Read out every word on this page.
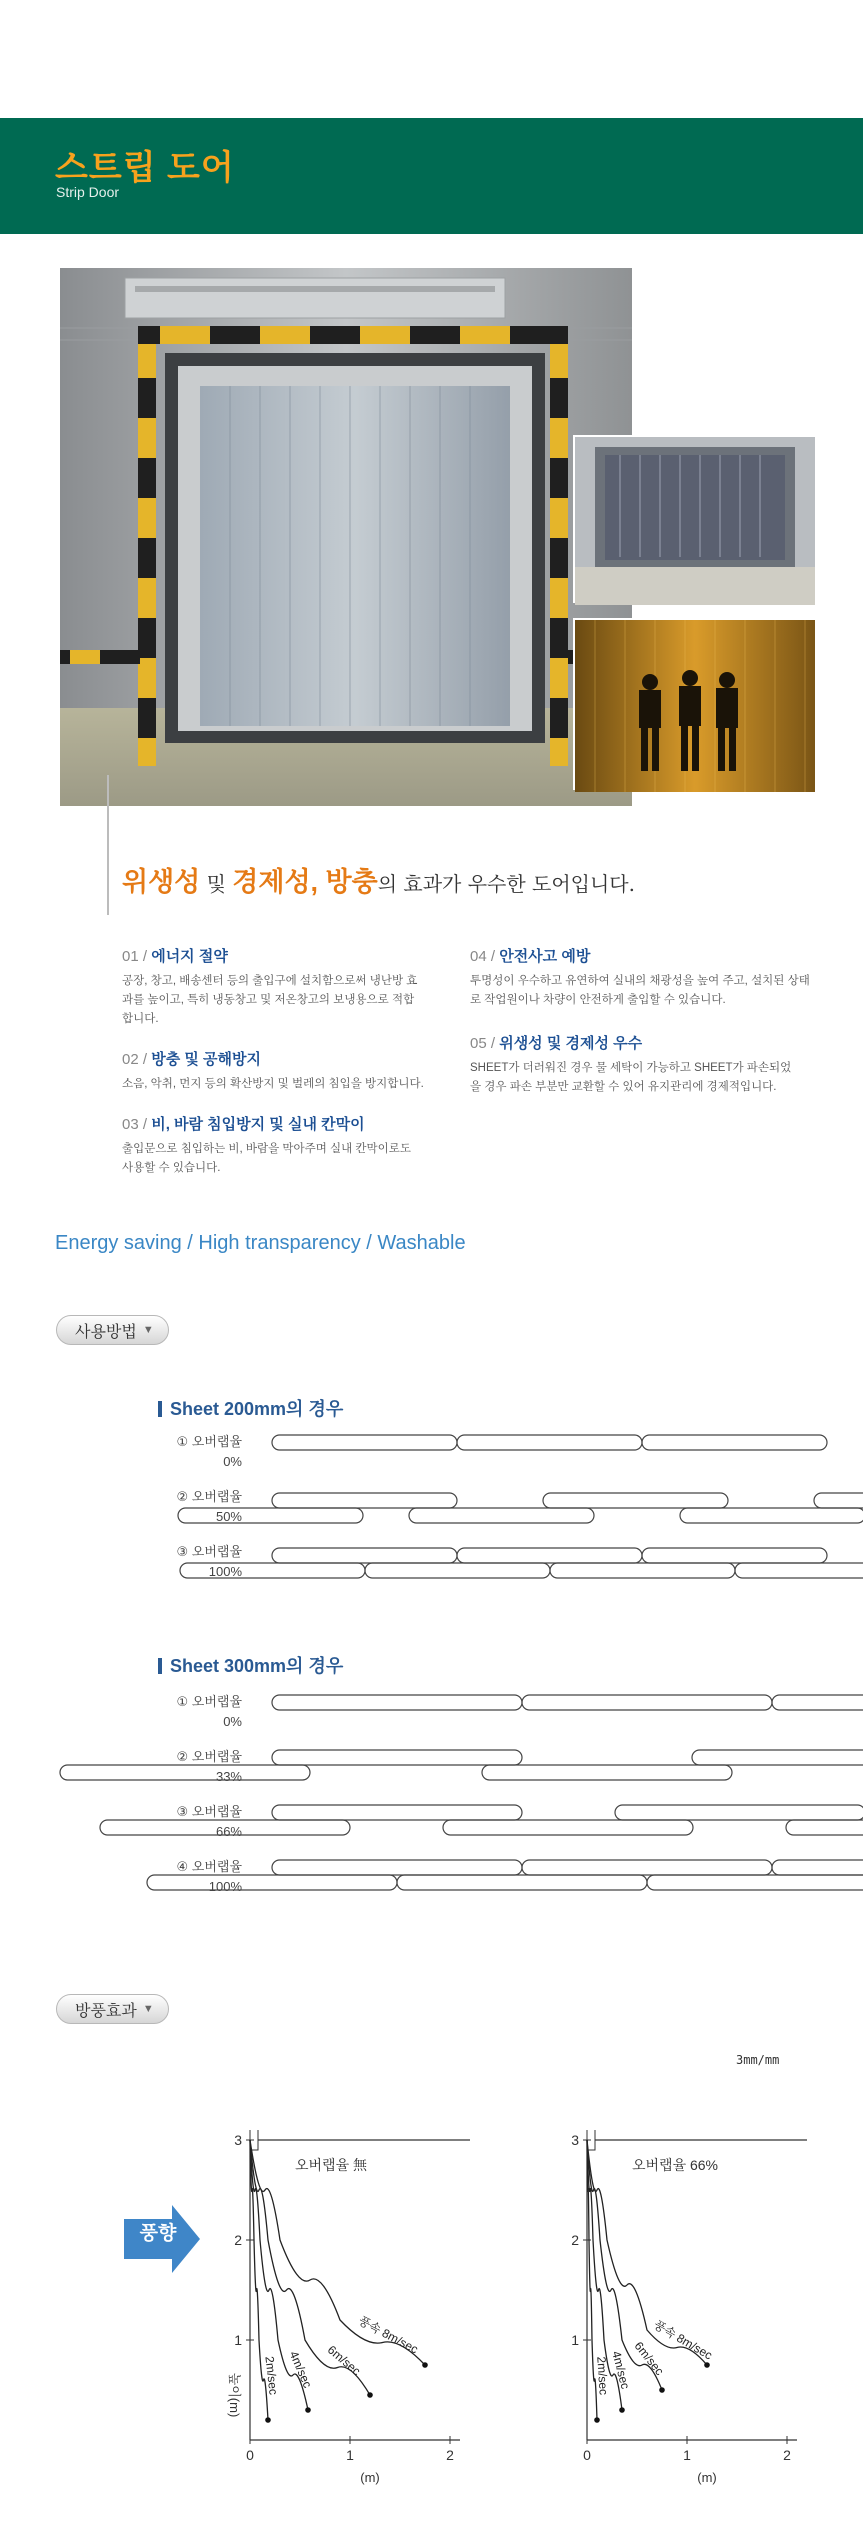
스트립 도어
Strip Door
위생성 및 경제성, 방충의 효과가 우수한 도어입니다.
01 / 에너지 절약
공장, 창고, 배송센터 등의 출입구에 설치함으로써 냉난방 효과를 높이고, 특히 냉동창고 및 저온창고의 보냉용으로 적합합니다.
02 / 방충 및 공해방지
소음, 악취, 먼지 등의 확산방지 및 벌레의 침입을 방지합니다.
03 / 비, 바람 침입방지 및 실내 칸막이
출입문으로 침입하는 비, 바람을 막아주며 실내 칸막이로도 사용할 수 있습니다.
04 / 안전사고 예방
투명성이 우수하고 유연하여 실내의 채광성을 높여 주고, 설치된 상태로 작업원이나 차량이 안전하게 출입할 수 있습니다.
05 / 위생성 및 경제성 우수
SHEET가 더러워진 경우 물 세탁이 가능하고 SHEET가 파손되었을 경우 파손 부분만 교환할 수 있어 유지관리에 경제적입니다.
Energy saving / High transparency / Washable
사용방법 ▼
Sheet 200mm의 경우
① 오버랩율
0%
② 오버랩율
50%
③ 오버랩율
100%
Sheet 300mm의 경우
① 오버랩율
0%
② 오버랩율
33%
③ 오버랩율
66%
④ 오버랩율
100%
방풍효과 ▼
풍향
3mm/mm
1
2
3
0	1	2
(m)
오버랩율 無
높이(m) 2m/sec 4m/sec 6m/sec
풍속 8m/sec	1
2
3
0	1	2
(m)
오버랩율 66%
2m/sec
4m/sec 6m/sec
풍속 8m/sec
